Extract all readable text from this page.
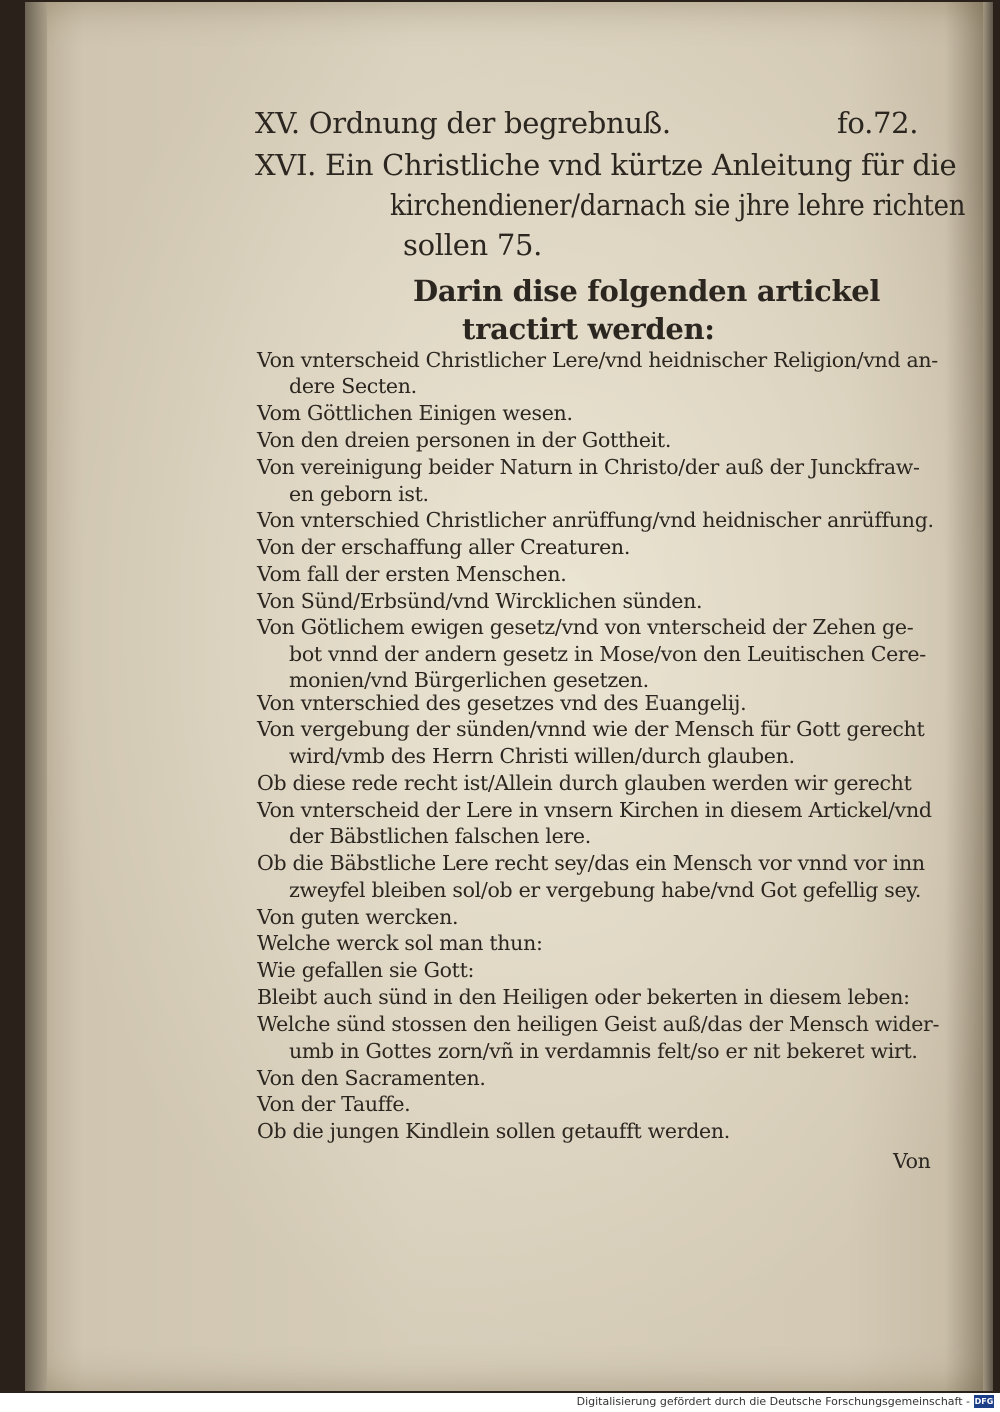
XV. Ordnung der begrebnuß.	fo.72.
XVI. Ein Christliche vnd kürtze Anleitung für die
kirchendiener/darnach sie jhre lehre richten
sollen 75.
Darin dise folgenden artickel
tractirt werden:
Von vnterscheid Christlicher Lere/vnd heidnischer Religion/vnd an-
dere Secten.
Vom Göttlichen Einigen wesen.
Von den dreien personen in der Gottheit.
Von vereinigung beider Naturn in Christo/der auß der Junckfraw-
en geborn ist.
Von vnterschied Christlicher anrüffung/vnd heidnischer anrüffung.
Von der erschaffung aller Creaturen.
Vom fall der ersten Menschen.
Von Sünd/Erbsünd/vnd Wircklichen sünden.
Von Götlichem ewigen gesetz/vnd von vnterscheid der Zehen ge-
bot vnnd der andern gesetz in Mose/von den Leuitischen Cere-
monien/vnd Bürgerlichen gesetzen.
Von vnterschied des gesetzes vnd des Euangelij.
Von vergebung der sünden/vnnd wie der Mensch für Gott gerecht
wird/vmb des Herrn Christi willen/durch glauben.
Ob diese rede recht ist/Allein durch glauben werden wir gerecht
Von vnterscheid der Lere in vnsern Kirchen in diesem Artickel/vnd
der Bäbstlichen falschen lere.
Ob die Bäbstliche Lere recht sey/das ein Mensch vor vnnd vor inn
zweyfel bleiben sol/ob er vergebung habe/vnd Got gefellig sey.
Von guten wercken.
Welche werck sol man thun:
Wie gefallen sie Gott:
Bleibt auch sünd in den Heiligen oder bekerten in diesem leben:
Welche sünd stossen den heiligen Geist auß/das der Mensch wider-
umb in Gottes zorn/vñ in verdamnis felt/so er nit bekeret wirt.
Von den Sacramenten.
Von der Tauffe.
Ob die jungen Kindlein sollen getaufft werden.
Von
Digitalisierung gefördert durch die Deutsche Forschungsgemeinschaft - DFG
